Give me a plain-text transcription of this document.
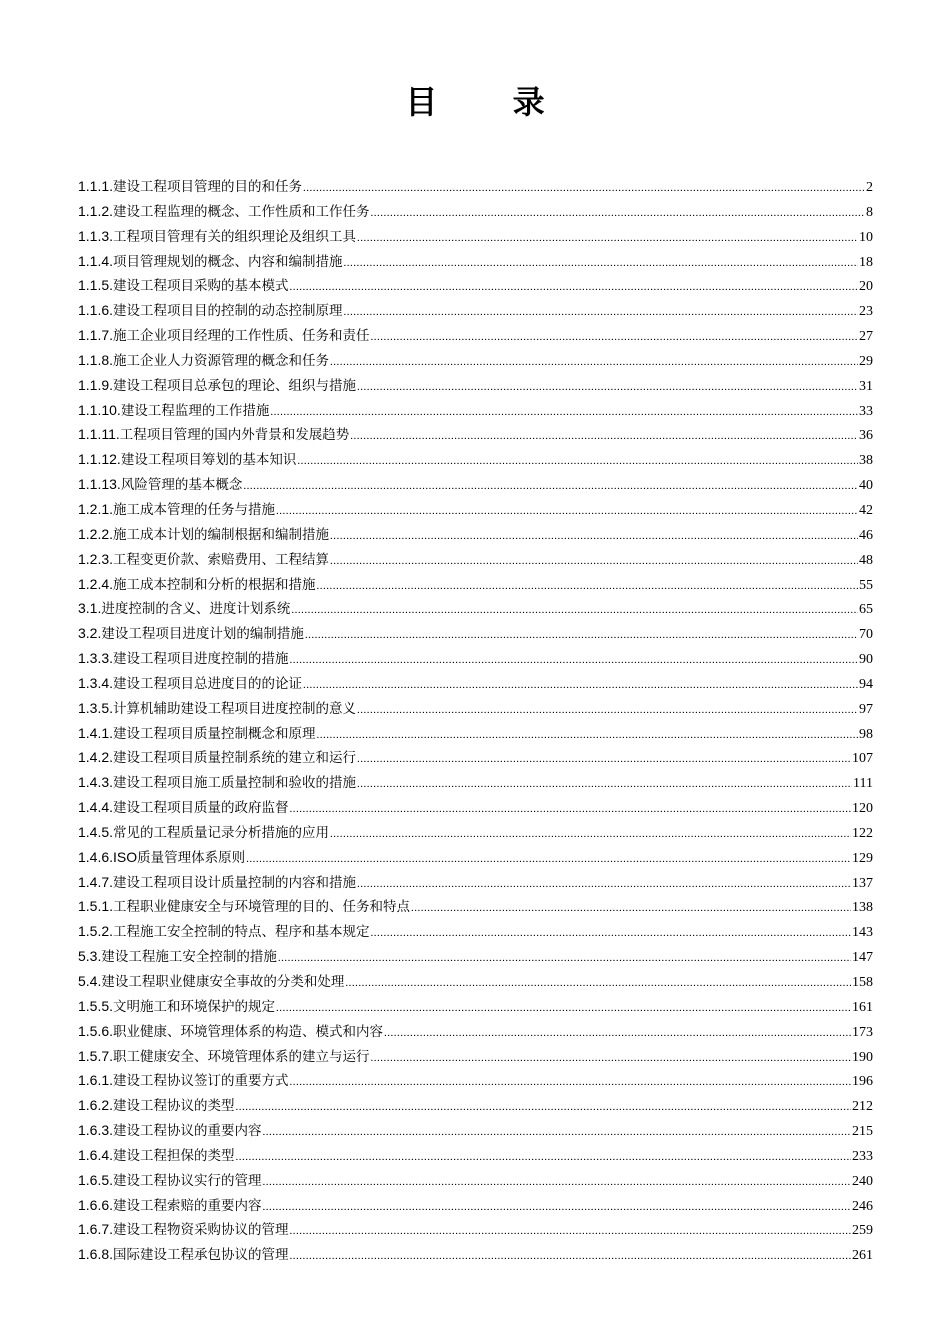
目 录
1.1.1. 建设工程项目管理的目的和任务 .....	2
1.1.2. 建设工程监理的概念、工作性质和工作任务 .....	8
1.1.3. 工程项目管理有关的组织理论及组织工具 .....	10
1.1.4. 项目管理规划的概念、内容和编制措施 .....	18
1.1.5. 建设工程项目采购的基本模式 .....	20
1.1.6. 建设工程项目目的控制的动态控制原理 .....	23
1.1.7. 施工企业项目经理的工作性质、任务和责任 .....	27
1.1.8. 施工企业人力资源管理的概念和任务 .....	29
1.1.9. 建设工程项目总承包的理论、组织与措施 .....	31
1.1.10. 建设工程监理的工作措施 .....	33
1.1.11. 工程项目管理的国内外背景和发展趋势 .....	36
1.1.12. 建设工程项目筹划的基本知识 .....	38
1.1.13. 风险管理的基本概念 .....	40
1.2.1. 施工成本管理的任务与措施 .....	42
1.2.2. 施工成本计划的编制根据和编制措施 .....	46
1.2.3. 工程变更价款、索赔费用、工程结算 .....	48
1.2.4. 施工成本控制和分析的根据和措施 .....	55
3.1. 进度控制的含义、进度计划系统 .....	65
3.2. 建设工程项目进度计划的编制措施 .....	70
1.3.3. 建设工程项目进度控制的措施 .....	90
1.3.4. 建设工程项目总进度目的的论证 .....	94
1.3.5. 计算机辅助建设工程项目进度控制的意义 .....	97
1.4.1. 建设工程项目质量控制概念和原理 .....	98
1.4.2. 建设工程项目质量控制系统的建立和运行 .....	107
1.4.3. 建设工程项目施工质量控制和验收的措施 .....	111
1.4.4. 建设工程项目质量的政府监督 .....	120
1.4.5. 常见的工程质量记录分析措施的应用 .....	122
1.4.6.ISO 质量管理体系原则 .....	129
1.4.7. 建设工程项目设计质量控制的内容和措施 .....	137
1.5.1. 工程职业健康安全与环境管理的目的、任务和特点 .....	138
1.5.2. 工程施工安全控制的特点、程序和基本规定 .....	143
5.3. 建设工程施工安全控制的措施 .....	147
5.4. 建设工程职业健康安全事故的分类和处理 .....	158
1.5.5. 文明施工和环境保护的规定 .....	161
1.5.6. 职业健康、环境管理体系的构造、模式和内容 .....	173
1.5.7. 职工健康安全、环境管理体系的建立与运行 .....	190
1.6.1. 建设工程协议签订的重要方式 .....	196
1.6.2. 建设工程协议的类型 .....	212
1.6.3. 建设工程协议的重要内容 .....	215
1.6.4. 建设工程担保的类型 .....	233
1.6.5. 建设工程协议实行的管理 .....	240
1.6.6. 建设工程索赔的重要内容 .....	246
1.6.7. 建设工程物资采购协议的管理 .....	259
1.6.8. 国际建设工程承包协议的管理 .....	261
